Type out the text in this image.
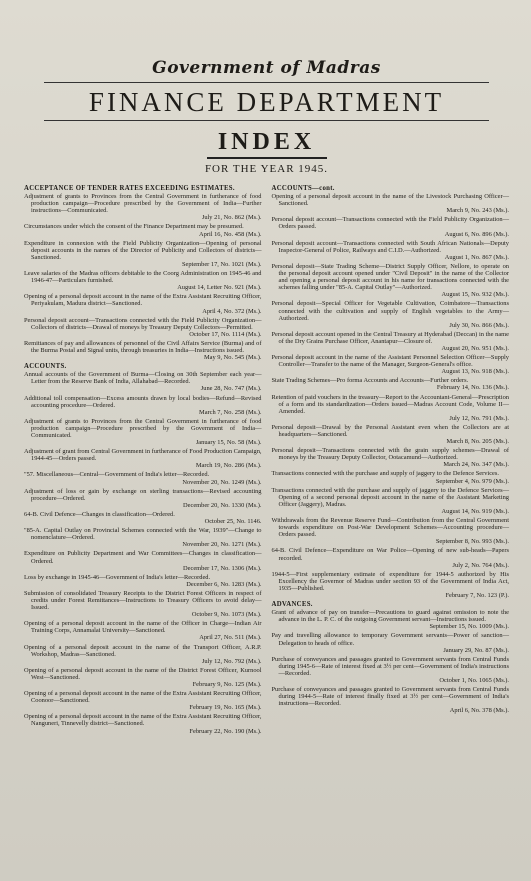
Government of Madras
FINANCE DEPARTMENT
INDEX
FOR THE YEAR 1945.
ACCEPTANCE OF TENDER RATES EXCEEDING ESTIMATES.
Adjustment of grants to Provinces from the Central Government in furtherance of food production campaign—Procedure prescribed by the Government of India—Further instructions—Communicated.
July 21, No. 862 (Ms.).
Circumstances under which the consent of the Finance Department may be presumed.
April 16, No. 458 (Ms.).
Expenditure in connexion with the Field Publicity Organization—Opening of personal deposit accounts in the names of the Director of Publicity and Collectors of districts—Sanctioned.
September 17, No. 1021 (Ms.).
Leave salaries of the Madras officers debitable to the Coorg Administration on 1945-46 and 1946-47—Particulars furnished.
August 14, Letter No. 921 (Ms.).
Opening of a personal deposit account in the name of the Extra Assistant Recruiting Officer, Periyakulam, Madura district—Sanctioned.
April 4, No. 372 (Ms.).
Personal deposit account—Transactions connected with the Field Publicity Organization—Collectors of districts—Drawal of moneys by Treasury Deputy Collectors—Permitted.
October 17, No. 1114 (Ms.).
Remittances of pay and allowances of personnel of the Civil Affairs Service (Burma) and of the Burma Postal and Signal units, through treasuries in India—Instructions issued.
May 9, No. 545 (Ms.).
ACCOUNTS.
Annual accounts of the Government of Burma—Closing on 30th September each year—Letter from the Reserve Bank of India, Allahabad—Recorded.
June 28, No. 747 (Ms.).
Additional toll compensation—Excess amounts drawn by local bodies—Refund—Revised accounting procedure—Ordered.
March 7, No. 258 (Ms.).
Adjustment of grants to Provinces from the Central Government in furtherance of food production campaign—Procedure prescribed by the Government of India—Communicated.
January 15, No. 58 (Ms.).
Adjustment of grant from Central Government in furtherance of Food Production Campaign, 1944-45—Orders passed.
March 19, No. 286 (Ms.).
"57. Miscellaneous—Central—Government of India's letter—Recorded.
November 20, No. 1249 (Ms.).
Adjustment of loss or gain by exchange on sterling transactions—Revised accounting procedure—Ordered.
December 20, No. 1330 (Ms.).
64-B. Civil Defence—Changes in classification—Ordered.
October 25, No. 1146.
"85-A. Capital Outlay on Provincial Schemes connected with the War, 1939"—Change to nomenclature—Ordered.
November 20, No. 1271 (Ms.).
Expenditure on Publicity Department and War Committees—Changes in classification—Ordered.
December 17, No. 1306 (Ms.).
Loss by exchange in 1945-46—Government of India's letter—Recorded.
December 6, No. 1283 (Ms.).
Submission of consolidated Treasury Receipts to the District Forest Officers in respect of credits under Forest Remittances—Instructions to Treasury Officers to avoid delay—Issued.
October 9, No. 1073 (Ms.).
Opening of a personal deposit account in the name of the Officer in Charge—Indian Air Training Corps, Annamalai University—Sanctioned.
April 27, No. 511 (Ms.).
Opening of a personal deposit account in the name of the Transport Officer, A.R.P. Workshop, Madras—Sanctioned.
July 12, No. 792 (Ms.).
Opening of a personal deposit account in the name of the District Forest Officer, Kurnool West—Sanctioned.
February 9, No. 125 (Ms.).
Opening of a personal deposit account in the name of the Extra Assistant Recruiting Officer, Coonoor—Sanctioned.
February 19, No. 165 (Ms.).
Opening of a personal deposit account in the name of the Extra Assistant Recruiting Officer, Nanguneri, Tinnevelly district—Sanctioned.
February 22, No. 190 (Ms.).
ACCOUNTS—cont.
Opening of a personal deposit account in the name of the Livestock Purchasing Officer—Sanctioned.
March 9, No. 243 (Ms.).
Personal deposit account—Transactions connected with the Field Publicity Organization—Orders passed.
August 6, No. 896 (Ms.).
Personal deposit account—Transactions connected with South African Nationals—Deputy Inspector-General of Police, Railways and C.I.D.—Authorized.
August 1, No. 867 (Ms.).
Personal deposit—State Trading Scheme—District Supply Officer, Nellore, to operate on the personal deposit account opened under "Civil Deposit" in the name of the Collector and opening a personal deposit account in his name for transactions connected with the schemes falling under "85-A. Capital Outlay"—Authorized.
August 15, No. 932 (Ms.).
Personal deposit—Special Officer for Vegetable Cultivation, Coimbatore—Transactions connected with the cultivation and supply of English vegetables to the Army—Authorized.
July 30, No. 866 (Ms.).
Personal deposit account opened in the Central Treasury at Hyderabad (Deccan) in the name of the Dry Grains Purchase Officer, Anantapur—Closure of.
August 20, No. 951 (Ms.).
Personal deposit account in the name of the Assistant Personnel Selection Officer—Supply Controller—Transfer to the name of the Manager, Surgeon-General's office.
August 13, No. 918 (Ms.).
State Trading Schemes—Pro forma Accounts and Accounts—Further orders.
February 14, No. 136 (Ms.).
Retention of paid vouchers in the treasury—Report to the Accountant-General—Prescription of a form and its standardization—Orders issued—Madras Account Code, Volume II—Amended.
July 12, No. 791 (Ms.).
Personal deposit—Drawal by the Personal Assistant even when the Collectors are at headquarters—Sanctioned.
March 8, No. 205 (Ms.).
Personal deposit—Transactions connected with the grain supply schemes—Drawal of moneys by the Treasury Deputy Collector, Ootacamund—Authorized.
March 24, No. 347 (Ms.).
Transactions connected with the purchase and supply of jaggery to the Defence Services.
September 4, No. 979 (Ms.).
Transactions connected with the purchase and supply of jaggery to the Defence Services—Opening of a second personal deposit account in the name of the Assistant Marketing Officer (Jaggery), Madras.
August 14, No. 919 (Ms.).
Withdrawals from the Revenue Reserve Fund—Contribution from the Central Government towards expenditure on Post-War Development Schemes—Accounting procedure—Orders passed.
September 8, No. 993 (Ms.).
64-B. Civil Defence—Expenditure on War Police—Opening of new sub-heads—Papers recorded.
July 2, No. 764 (Ms.).
1944-5—First supplementary estimate of expenditure for 1944-5 authorized by His Excellency the Governor of Madras under section 93 of the Government of India Act, 1935—Published.
February 7, No. 123 (P.).
ADVANCES.
Grant of advance of pay on transfer—Precautions to guard against omission to note the advance in the L. P. C. of the outgoing Government servant—Instructions issued.
September 15, No. 1009 (Ms.).
Pay and travelling allowance to temporary Government servants—Power of sanction—Delegation to heads of office.
January 29, No. 87 (Ms.).
Purchase of conveyances and passages granted to Government servants from Central Funds during 1945-6—Rate of interest fixed at 3½ per cent—Government of India's instructions—Recorded.
October 1, No. 1065 (Ms.).
Purchase of conveyances and passages granted to Government servants from Central Funds during 1944-5—Rate of interest finally fixed at 3½ per cent—Government of India's instructions—Recorded.
April 6, No. 378 (Ms.).
